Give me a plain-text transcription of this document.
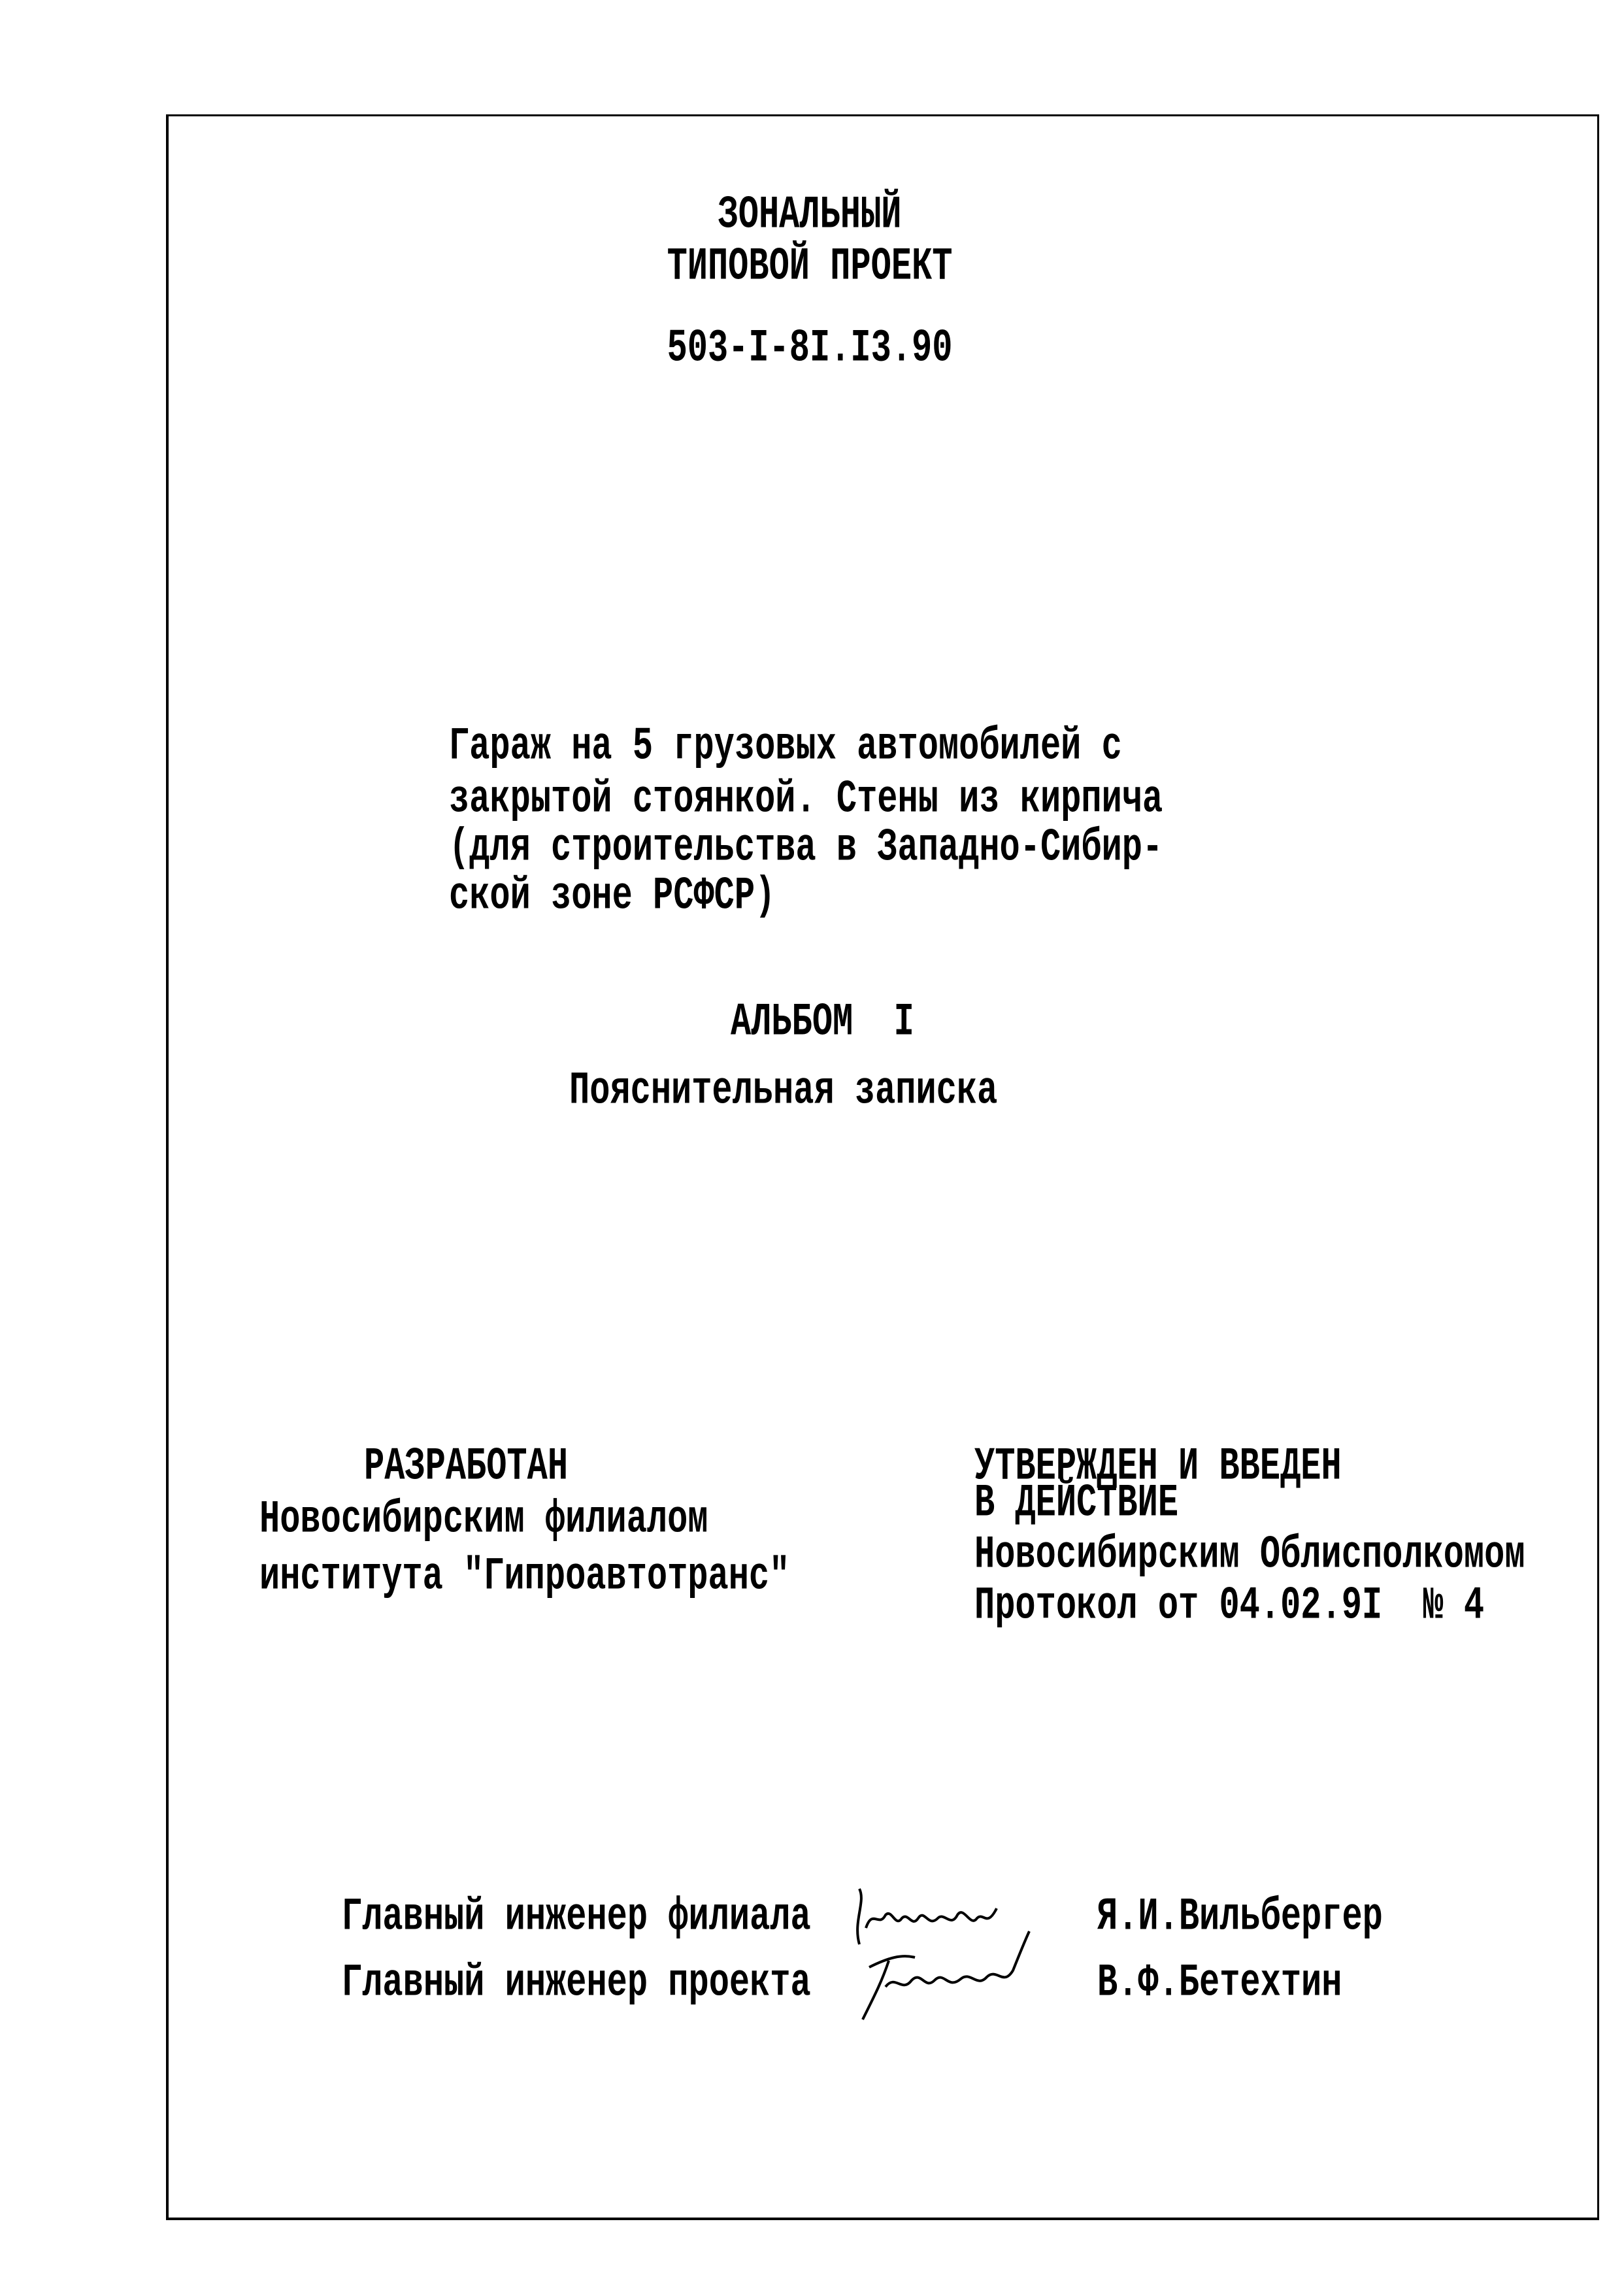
ЗОНАЛЬНЫЙ
ТИПОВОЙ ПРОЕКТ
503-I-8I.I3.90
Гараж на 5 грузовых автомобилей с
закрытой стоянкой. Стены из кирпича
(для строительства в Западно-Сибир-
ской зоне РСФСР)
АЛЬБОМ  I
Пояснительная записка
РАЗРАБОТАН
Новосибирским филиалом
института "Гипроавтотранс"
УТВЕРЖДЕН И ВВЕДЕН
В ДЕЙСТВИЕ
Новосибирским Облисполкомом
Протокол от 04.02.9I  № 4
Главный инженер филиала	Я.И.Вильбергер
Главный инженер проекта	В.Ф.Бетехтин
